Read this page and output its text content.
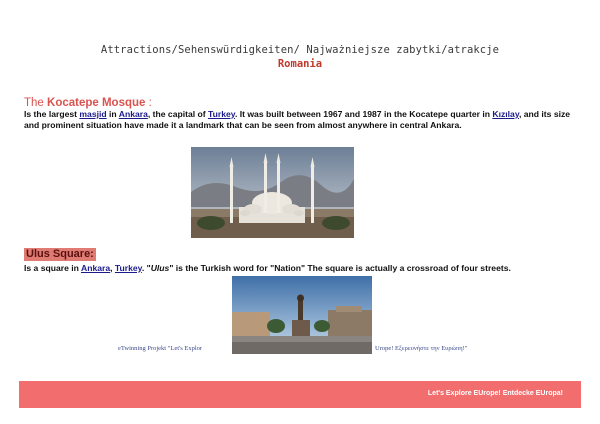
Attractions/Sehenswürdigkeiten/ Najważniejsze zabytki/atrakcje
Romania
The Kocatepe Mosque :
Is the largest masjid in Ankara, the capital of Turkey. It was built between 1967 and 1987 in the Kocatepe quarter in Kızılay, and its size and prominent situation have made it a landmark that can be seen from almost anywhere in central Ankara.
Ulus Square:
Is a square in Ankara, Turkey. "Ulus" is the Turkish word for "Nation" The square is actually a crossroad of four streets.
eTwinning Projekt "Let's Explor	Urope! Εξερευνήστε την Ευρώπη!"
Let's Explore EUrope! Entdecke EUropa!
